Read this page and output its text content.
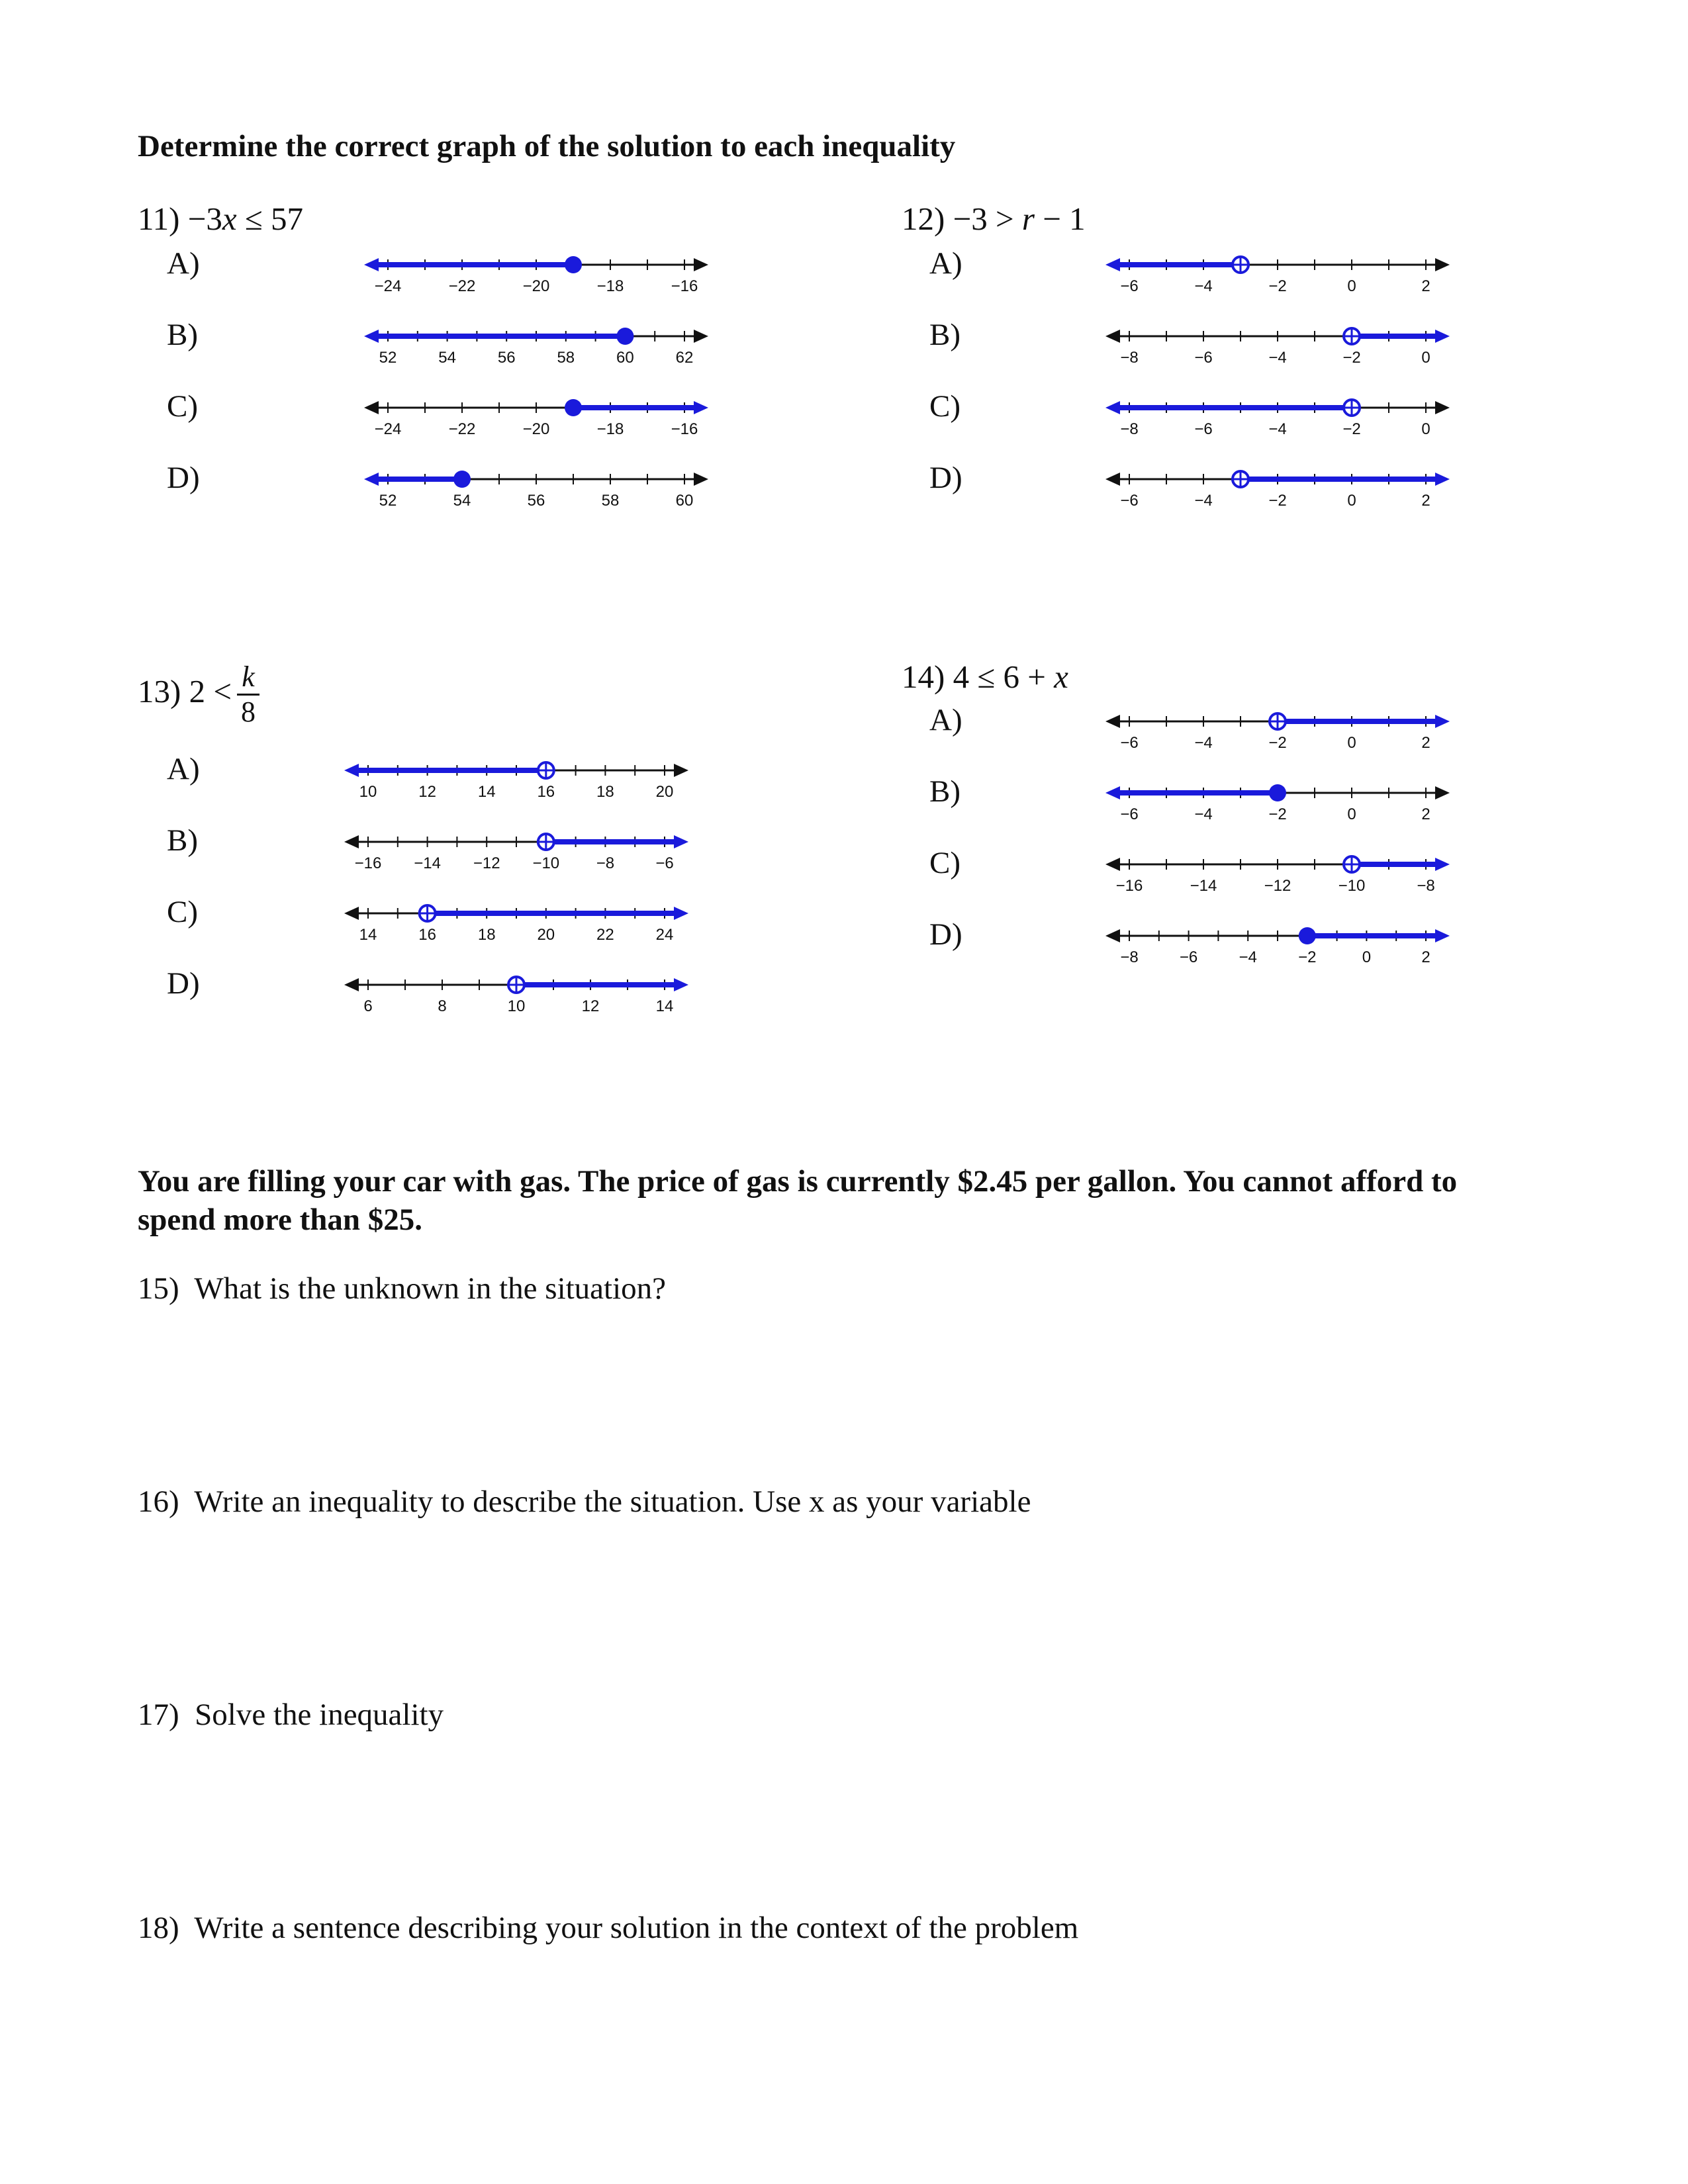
Determine the correct graph of the solution to each inequality
11) −3x ≤ 57	12) −3 > r − 1
13) $2 < \frac{k}{8}$	14) 4 ≤ 6 + x
A)
−24	−22	−20	−18	−16
B)
52	54	56	58	60	62
C)
−24	−22	−20	−18	−16
D)
52	54	56	58	60
A)
−6	−4	−2	0	2
B)
−8	−6	−4	−2	0
C)
−8	−6	−4	−2	0
D)
−6	−4	−2	0	2
A)
10	12	14	16	18	20
B)
−16 −14 −12 −10 −8	−6
C)
14	16	18	20	22	24
D)
6	8	10	12	14
A)
−6	−4	−2	0	2
B)
−6	−4	−2	0	2
C)
−16	−14	−12	−10	−8
D)
−8	−6	−4	−2	0	2
You are filling your car with gas. The price of gas is currently $2.45 per gallon. You cannot afford to spend more than $25.
15) What is the unknown in the situation?
16) Write an inequality to describe the situation. Use x as your variable
17) Solve the inequality
18) Write a sentence describing your solution in the context of the problem
